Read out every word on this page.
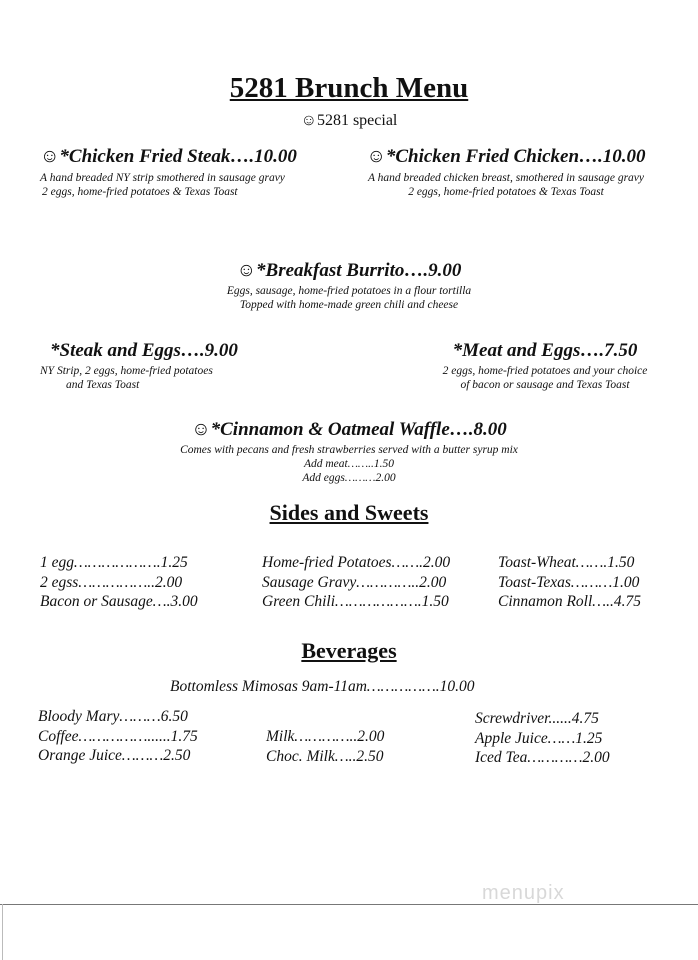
5281 Brunch Menu
☺5281 special
☺*Chicken Fried Steak….10.00
A hand breaded NY strip smothered in sausage gravy
2 eggs, home-fried potatoes & Texas Toast
☺*Chicken Fried Chicken….10.00
A hand breaded chicken breast, smothered in sausage gravy
2 eggs, home-fried potatoes & Texas Toast
☺*Breakfast Burrito….9.00
Eggs, sausage, home-fried potatoes in a flour tortilla
Topped with home-made green chili and cheese
*Steak and Eggs….9.00
NY Strip, 2 eggs, home-fried potatoes
and Texas Toast
*Meat and Eggs….7.50
2 eggs, home-fried potatoes and your choice
of bacon or sausage and Texas Toast
☺*Cinnamon & Oatmeal Waffle….8.00
Comes with pecans and fresh strawberries served with a butter syrup mix
Add meat……..1.50
Add eggs………2.00
Sides and Sweets
1 egg……………….1.25
2 egss……………..2.00
Bacon or Sausage….3.00
Home-fried Potatoes…….2.00
Sausage Gravy…………..2.00
Green Chili……………….1.50
Toast-Wheat…….1.50
Toast-Texas………1.00
Cinnamon Roll…..4.75
Beverages
Bottomless Mimosas 9am-11am…………….10.00
Bloody Mary………6.50
Coffee……………......1.75
Orange Juice………2.50
Milk…………..2.00
Choc. Milk…..2.50
Screwdriver......4.75
Apple Juice……1.25
Iced Tea…………2.00
menupix
